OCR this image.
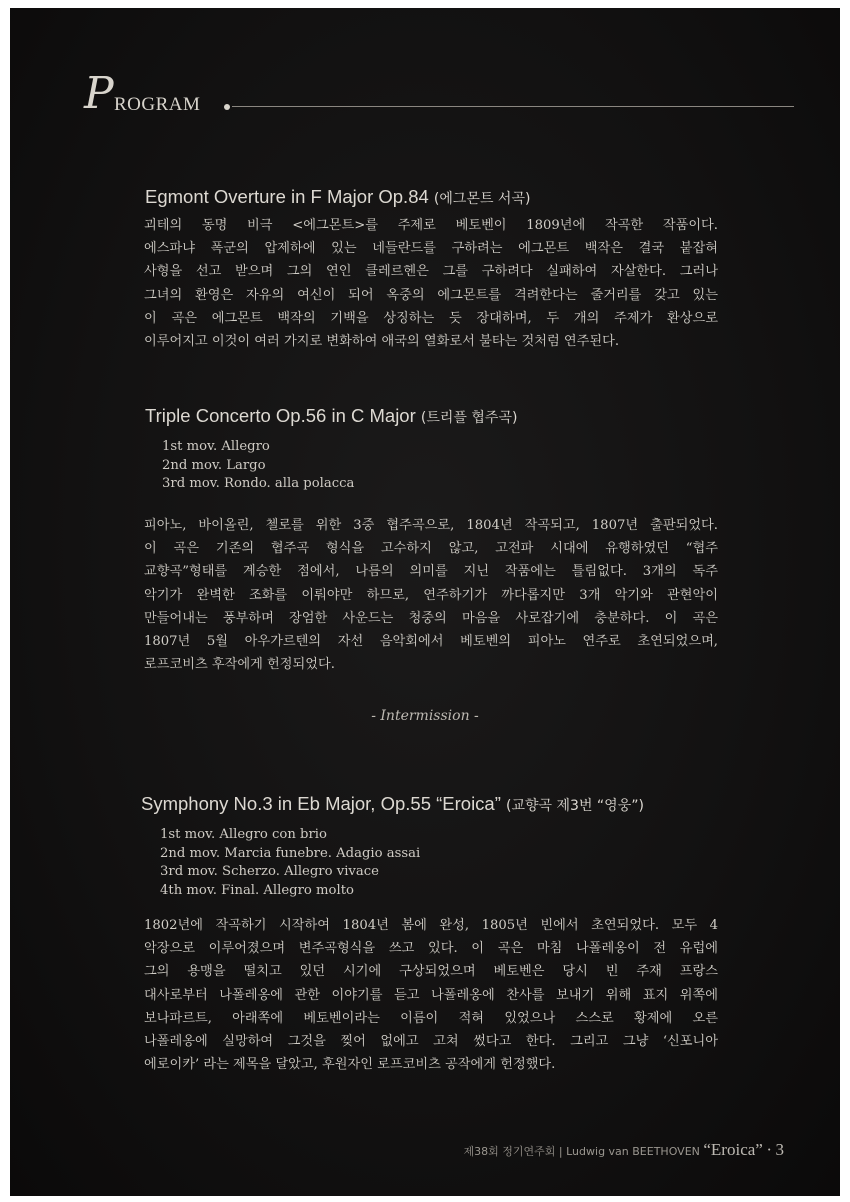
P ROGRAM
Egmont Overture in F Major Op.84 (에그몬트 서곡)
괴테의 동명 비극 <에그몬트>를 주제로 베토벤이 1809년에 작곡한 작품이다.
에스파냐 폭군의 압제하에 있는 네들란드를 구하려는 에그몬트 백작은 결국 붙잡혀
사형을 선고 받으며 그의 연인 클레르헨은 그를 구하려다 실패하여 자살한다. 그러나
그녀의 환영은 자유의 여신이 되어 옥중의 에그몬트를 격려한다는 줄거리를 갖고 있는
이 곡은 에그몬트 백작의 기백을 상징하는 듯 장대하며, 두 개의 주제가 환상으로
이루어지고 이것이 여러 가지로 변화하여 애국의 열화로서 불타는 것처럼 연주된다.
Triple Concerto Op.56 in C Major (트리플 협주곡)
1st mov. Allegro
2nd mov. Largo
3rd mov. Rondo. alla polacca
피아노, 바이올린, 첼로를 위한 3중 협주곡으로, 1804년 작곡되고, 1807년 출판되었다.
이 곡은 기존의 협주곡 형식을 고수하지 않고, 고전파 시대에 유행하였던 “협주
교향곡”형태를 계승한 점에서, 나름의 의미를 지닌 작품에는 틀림없다. 3개의 독주
악기가 완벽한 조화를 이뤄야만 하므로, 연주하기가 까다롭지만 3개 악기와 관현악이
만들어내는 풍부하며 장엄한 사운드는 청중의 마음을 사로잡기에 충분하다. 이 곡은
1807년 5월 아우가르텐의 자선 음악회에서 베토벤의 피아노 연주로 초연되었으며,
로프코비츠 후작에게 헌정되었다.
- Intermission -
Symphony No.3 in Eb Major, Op.55 “Eroica” (교향곡 제3번 “영웅”)
1st mov. Allegro con brio
2nd mov. Marcia funebre. Adagio assai
3rd mov. Scherzo. Allegro vivace
4th mov. Final. Allegro molto
1802년에 작곡하기 시작하여 1804년 봄에 완성, 1805년 빈에서 초연되었다. 모두 4
악장으로 이루어졌으며 변주곡형식을 쓰고 있다. 이 곡은 마침 나폴레옹이 전 유럽에
그의 용맹을 떨치고 있던 시기에 구상되었으며 베토벤은 당시 빈 주재 프랑스
대사로부터 나폴레옹에 관한 이야기를 듣고 나폴레옹에 찬사를 보내기 위해 표지 위쪽에
보나파르트, 아래쪽에 베토벤이라는 이름이 적혀 있었으나 스스로 황제에 오른
나폴레옹에 실망하여 그것을 찢어 없에고 고쳐 썼다고 한다. 그리고 그냥 ‘신포니아
에로이카’ 라는 제목을 달았고, 후원자인 로프코비츠 공작에게 헌정했다.
제38회 정기연주회 | Ludwig van BEETHOVEN “Eroica” · 3
